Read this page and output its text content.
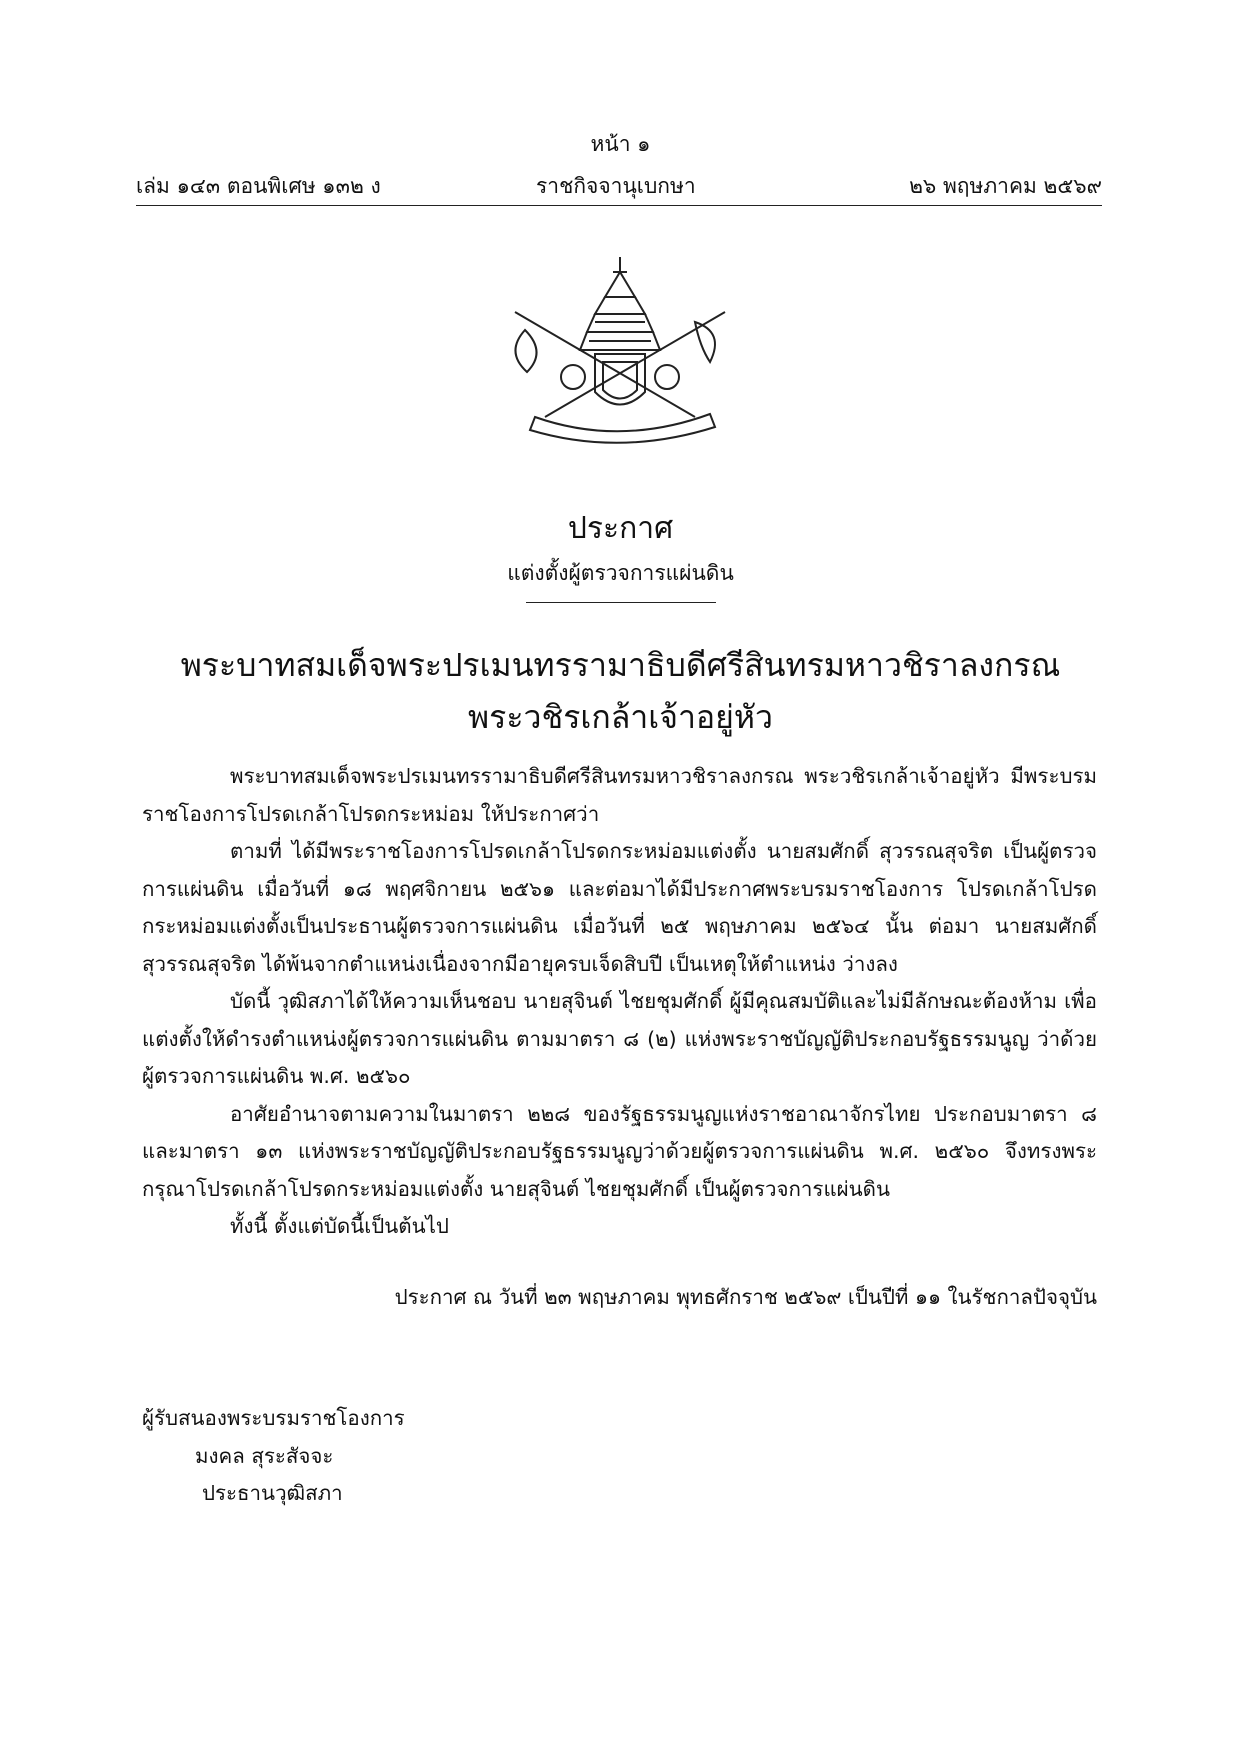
หน้า ๑
เล่ม ๑๔๓ ตอนพิเศษ ๑๓๒ ง	ราชกิจจานุเบกษา	๒๖ พฤษภาคม ๒๕๖๙
ประกาศ
แต่งตั้งผู้ตรวจการแผ่นดิน
พระบาทสมเด็จพระปรเมนทรรามาธิบดีศรีสินทรมหาวชิราลงกรณ
พระวชิรเกล้าเจ้าอยู่หัว

พระบาทสมเด็จพระปรเมนทรรามาธิบดีศรีสินทรมหาวชิราลงกรณ พระวชิรเกล้าเจ้าอยู่หัว มีพระบรมราชโองการโปรดเกล้าโปรดกระหม่อม ให้ประกาศว่า

ตามที่ ได้มีพระราชโองการโปรดเกล้าโปรดกระหม่อมแต่งตั้ง นายสมศักดิ์ สุวรรณสุจริต เป็นผู้ตรวจการแผ่นดิน เมื่อวันที่ ๑๘ พฤศจิกายน ๒๕๖๑ และต่อมาได้มีประกาศพระบรมราชโองการ โปรดเกล้าโปรดกระหม่อมแต่งตั้งเป็นประธานผู้ตรวจการแผ่นดิน เมื่อวันที่ ๒๕ พฤษภาคม ๒๕๖๔ นั้น ต่อมา นายสมศักดิ์ สุวรรณสุจริต ได้พ้นจากตำแหน่งเนื่องจากมีอายุครบเจ็ดสิบปี เป็นเหตุให้ตำแหน่ง ว่างลง

บัดนี้ วุฒิสภาได้ให้ความเห็นชอบ นายสุจินต์ ไชยชุมศักดิ์ ผู้มีคุณสมบัติและไม่มีลักษณะต้องห้าม เพื่อแต่งตั้งให้ดำรงตำแหน่งผู้ตรวจการแผ่นดิน ตามมาตรา ๘ (๒) แห่งพระราชบัญญัติประกอบรัฐธรรมนูญ ว่าด้วยผู้ตรวจการแผ่นดิน พ.ศ. ๒๕๖๐

อาศัยอำนาจตามความในมาตรา ๒๒๘ ของรัฐธรรมนูญแห่งราชอาณาจักรไทย ประกอบมาตรา ๘ และมาตรา ๑๓ แห่งพระราชบัญญัติประกอบรัฐธรรมนูญว่าด้วยผู้ตรวจการแผ่นดิน พ.ศ. ๒๕๖๐ จึงทรงพระกรุณาโปรดเกล้าโปรดกระหม่อมแต่งตั้ง นายสุจินต์ ไชยชุมศักดิ์ เป็นผู้ตรวจการแผ่นดิน

ทั้งนี้ ตั้งแต่บัดนี้เป็นต้นไป

ประกาศ ณ วันที่ ๒๓ พฤษภาคม พุทธศักราช ๒๕๖๙ เป็นปีที่ ๑๑ ในรัชกาลปัจจุบัน

ผู้รับสนองพระบรมราชโองการ
มงคล สุระสัจจะ
ประธานวุฒิสภา
